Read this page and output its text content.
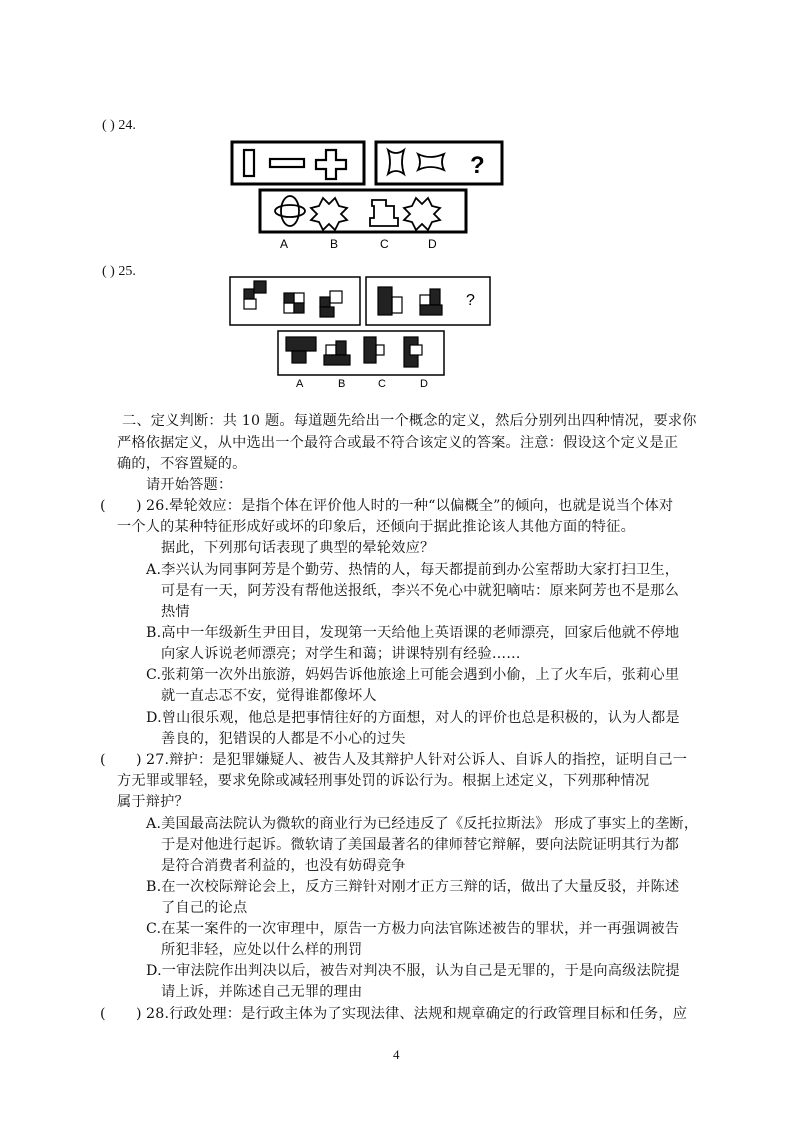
( ) 24.
?
A	B	C	D
( ) 25.
?
A	B	C	D
二、定义判断：共 10 题。每道题先给出一个概念的定义，然后分别列出四种情况，要求你
严格依据定义，从中选出一个最符合或最不符合该定义的答案。注意：假设这个定义是正
确的，不容置疑的。
请开始答题：
( ) 26.晕轮效应：是指个体在评价他人时的一种“以偏概全”的倾向，也就是说当个体对
一个人的某种特征形成好或坏的印象后，还倾向于据此推论该人其他方面的特征。
据此，下列那句话表现了典型的晕轮效应？
A.李兴认为同事阿芳是个勤劳、热情的人，每天都提前到办公室帮助大家打扫卫生，
可是有一天，阿芳没有帮他送报纸，李兴不免心中就犯嘀咕：原来阿芳也不是那么
热情
B.高中一年级新生尹田目，发现第一天给他上英语课的老师漂亮，回家后他就不停地
向家人诉说老师漂亮；对学生和蔼；讲课特别有经验……
C.张莉第一次外出旅游，妈妈告诉他旅途上可能会遇到小偷，上了火车后，张莉心里
就一直忐忑不安，觉得谁都像坏人
D.曾山很乐观，他总是把事情往好的方面想，对人的评价也总是积极的，认为人都是
善良的，犯错误的人都是不小心的过失
( ) 27.辩护：是犯罪嫌疑人、被告人及其辩护人针对公诉人、自诉人的指控，证明自己一
方无罪或罪轻，要求免除或减轻刑事处罚的诉讼行为。根据上述定义，下列那种情况
属于辩护？
A.美国最高法院认为微软的商业行为已经违反了《反托拉斯法》 形成了事实上的垄断，
于是对他进行起诉。微软请了美国最著名的律师替它辩解，要向法院证明其行为都
是符合消费者利益的，也没有妨碍竞争
B.在一次校际辩论会上，反方三辩针对刚才正方三辩的话，做出了大量反驳，并陈述
了自己的论点
C.在某一案件的一次审理中，原告一方极力向法官陈述被告的罪状，并一再强调被告
所犯非轻，应处以什么样的刑罚
D.一审法院作出判决以后，被告对判决不服，认为自己是无罪的，于是向高级法院提
请上诉，并陈述自己无罪的理由
( ) 28.行政处理：是行政主体为了实现法律、法规和规章确定的行政管理目标和任务，应
4
